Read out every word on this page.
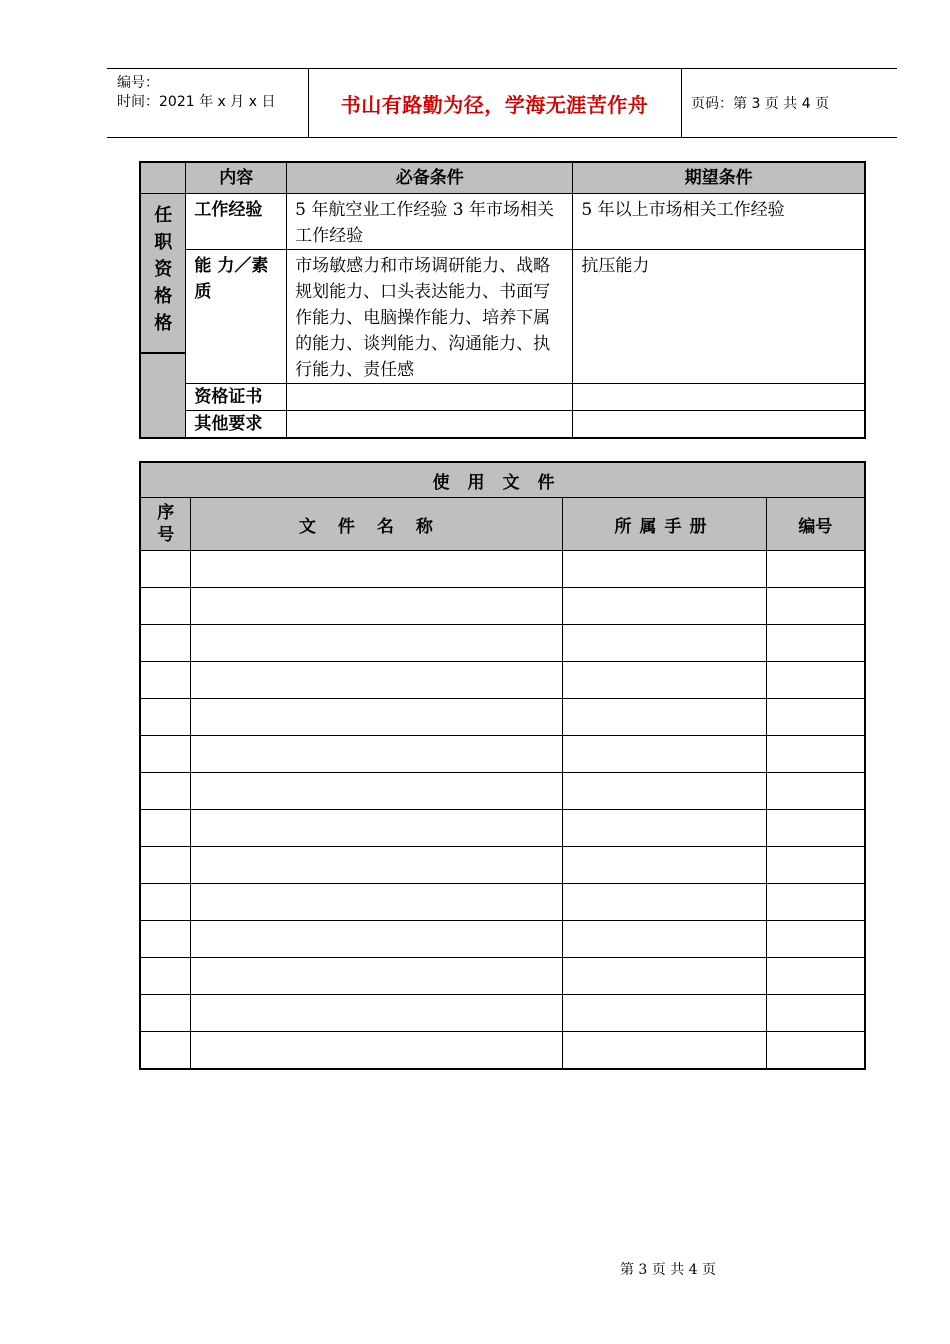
编号：
时间：2021 年 x 月 x 日	书山有路勤为径，学海无涯苦作舟	页码：第 3 页 共 4 页
	内容	必备条件	期望条件

任
职
资
格
格	工作经验	5 年航空业工作经验 3 年市场相关工作经验	5 年以上市场相关工作经验
	能 力／素质	市场敏感力和市场调研能力、战略规划能力、口头表达能力、书面写作能力、电脑操作能力、培养下属的能力、谈判能力、沟通能力、执行能力、责任感	抗压能力
	资格证书		
	其他要求		
使用文件			
序号	文件名称	所属手册	编号

第 3 页 共 4 页
